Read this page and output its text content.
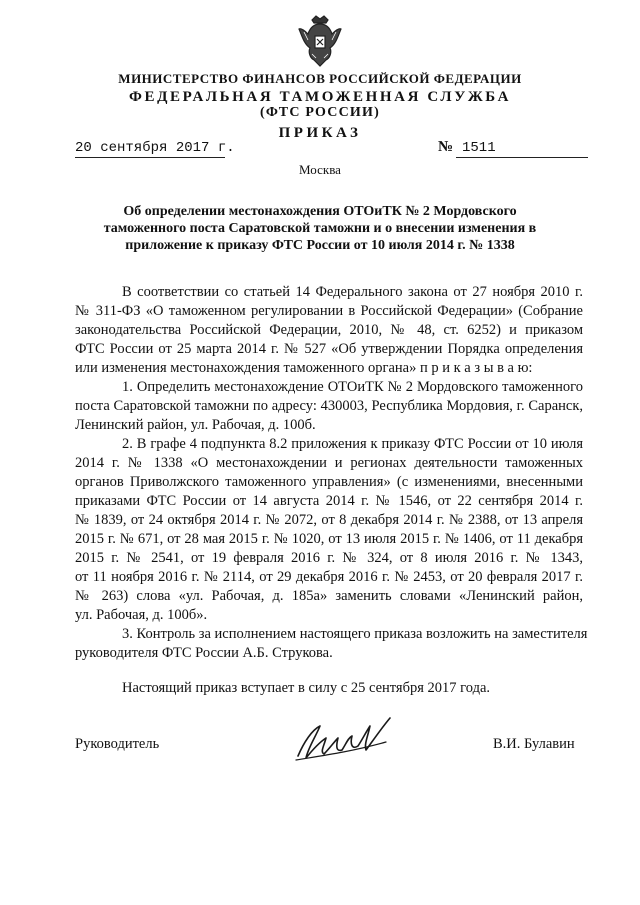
МИНИСТЕРСТВО ФИНАНСОВ РОССИЙСКОЙ ФЕДЕРАЦИИ
ФЕДЕРАЛЬНАЯ ТАМОЖЕННАЯ СЛУЖБА
(ФТС РОССИИ)
ПРИКАЗ
20 сентября 2017 г.	№ 1511
Москва
Об определении местонахождения ОТОиТК № 2 Мордовского
таможенного поста Саратовской таможни и о внесении изменения в
приложение к приказу ФТС России от 10 июля 2014 г. № 1338
В соответствии со статьей 14 Федерального закона от 27 ноября 2010 г.
№ 311-ФЗ «О таможенном регулировании в Российской Федерации» (Собрание
законодательства Российской Федерации, 2010, № 48, ст. 6252) и приказом
ФТС России от 25 марта 2014 г. № 527 «Об утверждении Порядка определения
или изменения местонахождения таможенного органа» п р и к а з ы в а ю:
1. Определить местонахождение ОТОиТК № 2 Мордовского таможенного
поста Саратовской таможни по адресу: 430003, Республика Мордовия, г. Саранск,
Ленинский район, ул. Рабочая, д. 100б.
2. В графе 4 подпункта 8.2 приложения к приказу ФТС России от 10 июля
2014 г. № 1338 «О местонахождении и регионах деятельности таможенных
органов Приволжского таможенного управления» (с изменениями, внесенными
приказами ФТС России от 14 августа 2014 г. № 1546, от 22 сентября 2014 г.
№ 1839, от 24 октября 2014 г. № 2072, от 8 декабря 2014 г. № 2388, от 13 апреля
2015 г. № 671, от 28 мая 2015 г. № 1020, от 13 июля 2015 г. № 1406, от 11 декабря
2015 г. № 2541, от 19 февраля 2016 г. № 324, от 8 июля 2016 г. № 1343,
от 11 ноября 2016 г. № 2114, от 29 декабря 2016 г. № 2453, от 20 февраля 2017 г.
№ 263) слова «ул. Рабочая, д. 185а» заменить словами «Ленинский район,
ул. Рабочая, д. 100б».
3. Контроль за исполнением настоящего приказа возложить на заместителя
руководителя ФТС России А.Б. Струкова.
Настоящий приказ вступает в силу с 25 сентября 2017 года.
Руководитель	В.И. Булавин
